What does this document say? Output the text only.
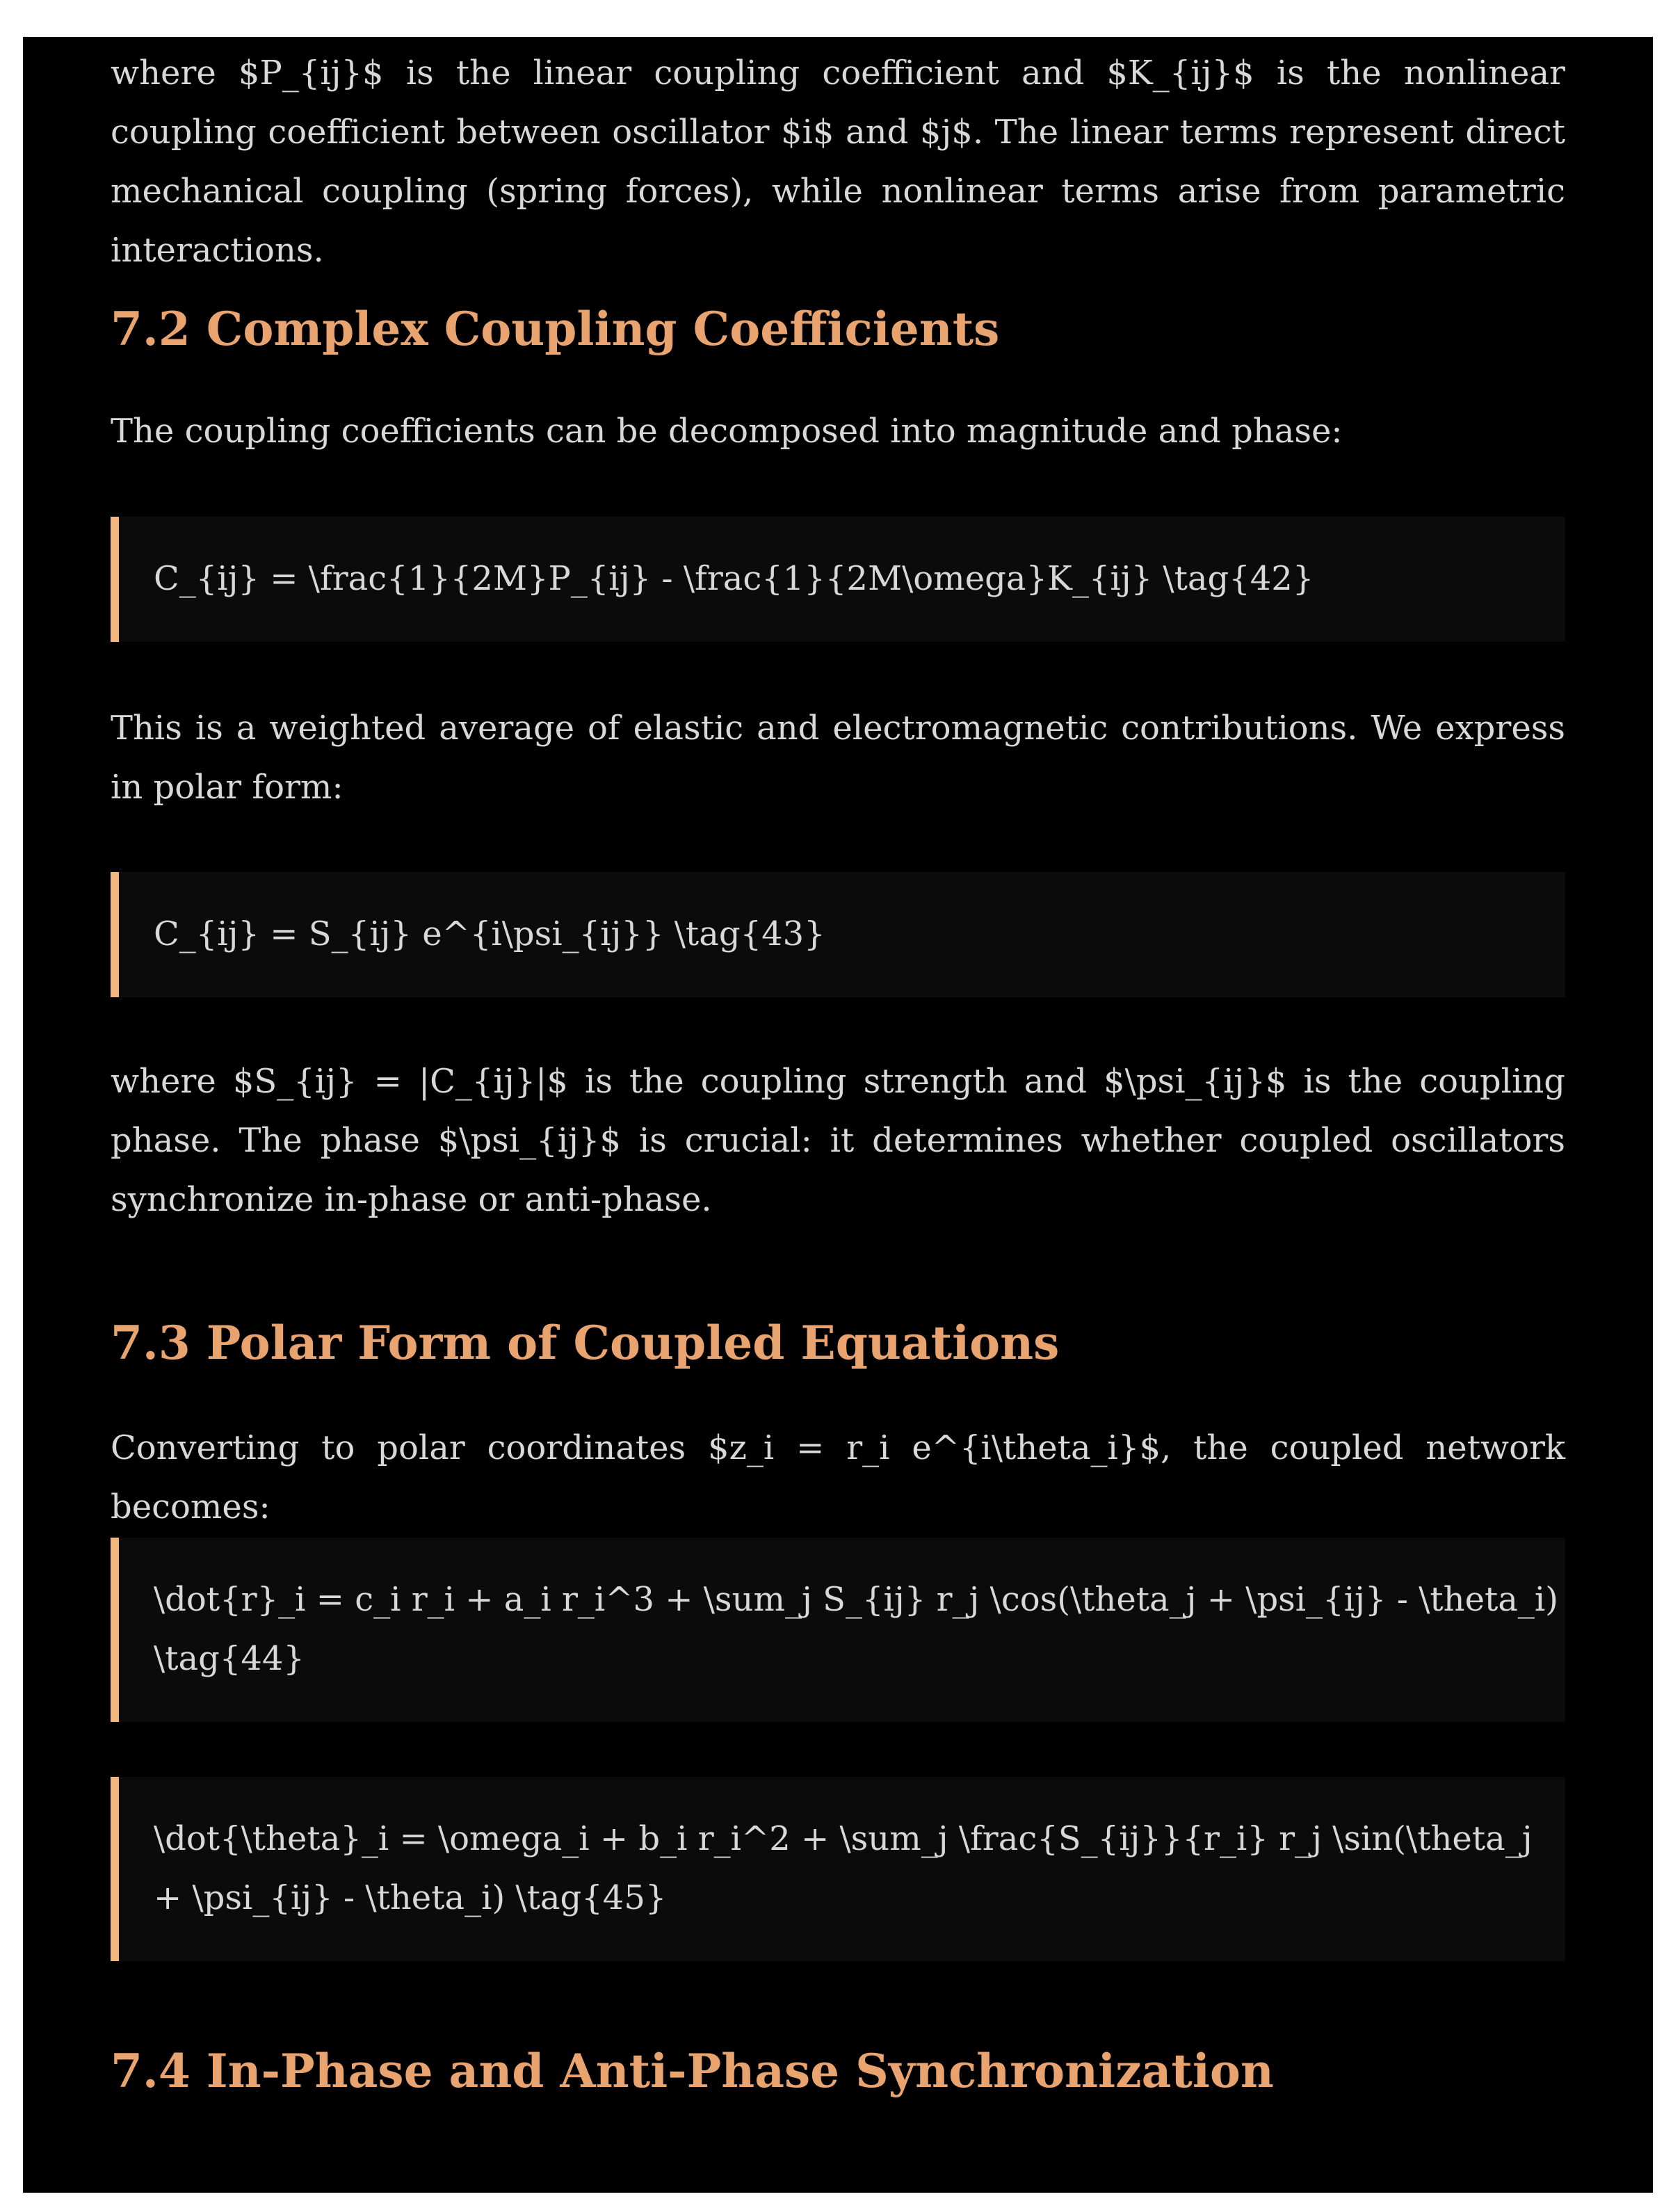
where $P_{ij}$ is the linear coupling coefficient and $K_{ij}$ is the nonlinear coupling coefficient between oscillator $i$ and $j$. The linear terms represent direct mechanical coupling (spring forces), while nonlinear terms arise from parametric interactions.

7.2 Complex Coupling Coefficients

The coupling coefficients can be decomposed into magnitude and phase:

C_{ij} = \frac{1}{2M}P_{ij} - \frac{1}{2M\omega}K_{ij} \tag{42}

This is a weighted average of elastic and electromagnetic contributions. We express in polar form:

C_{ij} = S_{ij} e^{i\psi_{ij}} \tag{43}

where $S_{ij} = |C_{ij}|$ is the coupling strength and $\psi_{ij}$ is the coupling phase. The phase $\psi_{ij}$ is crucial: it determines whether coupled oscillators synchronize in-phase or anti-phase.

7.3 Polar Form of Coupled Equations

Converting to polar coordinates $z_i = r_i e^{i\theta_i}$, the coupled network becomes:

\dot{r}_i = c_i r_i + a_i r_i^3 + \sum_j S_{ij} r_j \cos(\theta_j + \psi_{ij} - \theta_i) \tag{44}

\dot{\theta}_i = \omega_i + b_i r_i^2 + \sum_j \frac{S_{ij}}{r_i} r_j \sin(\theta_j + \psi_{ij} - \theta_i) \tag{45}

7.4 In-Phase and Anti-Phase Synchronization
